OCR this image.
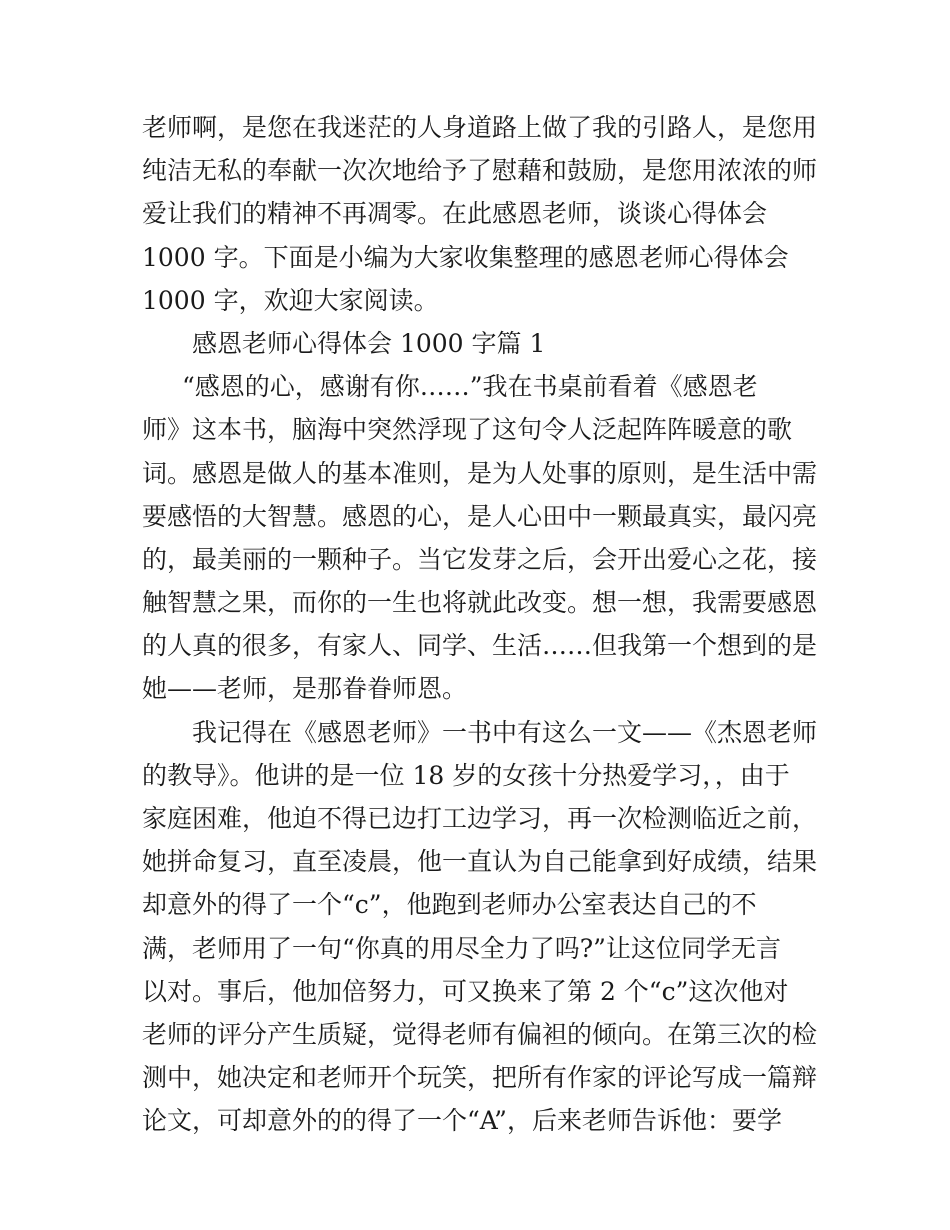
老师啊，是您在我迷茫的人身道路上做了我的引路人，是您用
纯洁无私的奉献一次次地给予了慰藉和鼓励，是您用浓浓的师
爱让我们的精神不再凋零。在此感恩老师，谈谈心得体会
1000 字。下面是小编为大家收集整理的感恩老师心得体会
1000 字，欢迎大家阅读。
感恩老师心得体会 1000 字篇 1
“感恩的心，感谢有你……”我在书桌前看着《感恩老
师》这本书，脑海中突然浮现了这句令人泛起阵阵暖意的歌
词。感恩是做人的基本准则，是为人处事的原则，是生活中需
要感悟的大智慧。感恩的心，是人心田中一颗最真实，最闪亮
的，最美丽的一颗种子。当它发芽之后，会开出爱心之花，接
触智慧之果，而你的一生也将就此改变。想一想，我需要感恩
的人真的很多，有家人、同学、生活……但我第一个想到的是
她——老师，是那眷眷师恩。
我记得在《感恩老师》一书中有这么一文——《杰恩老师
的教导》。他讲的是一位 18 岁的女孩十分热爱学习，，由于
家庭困难，他迫不得已边打工边学习，再一次检测临近之前，
她拼命复习，直至凌晨，他一直认为自己能拿到好成绩，结果
却意外的得了一个“c”，他跑到老师办公室表达自己的不
满，老师用了一句“你真的用尽全力了吗?”让这位同学无言
以对。事后，他加倍努力，可又换来了第 2 个“c”这次他对
老师的评分产生质疑，觉得老师有偏袒的倾向。在第三次的检
测中，她决定和老师开个玩笑，把所有作家的评论写成一篇辩
论文，可却意外的的得了一个“A”，后来老师告诉他：要学
